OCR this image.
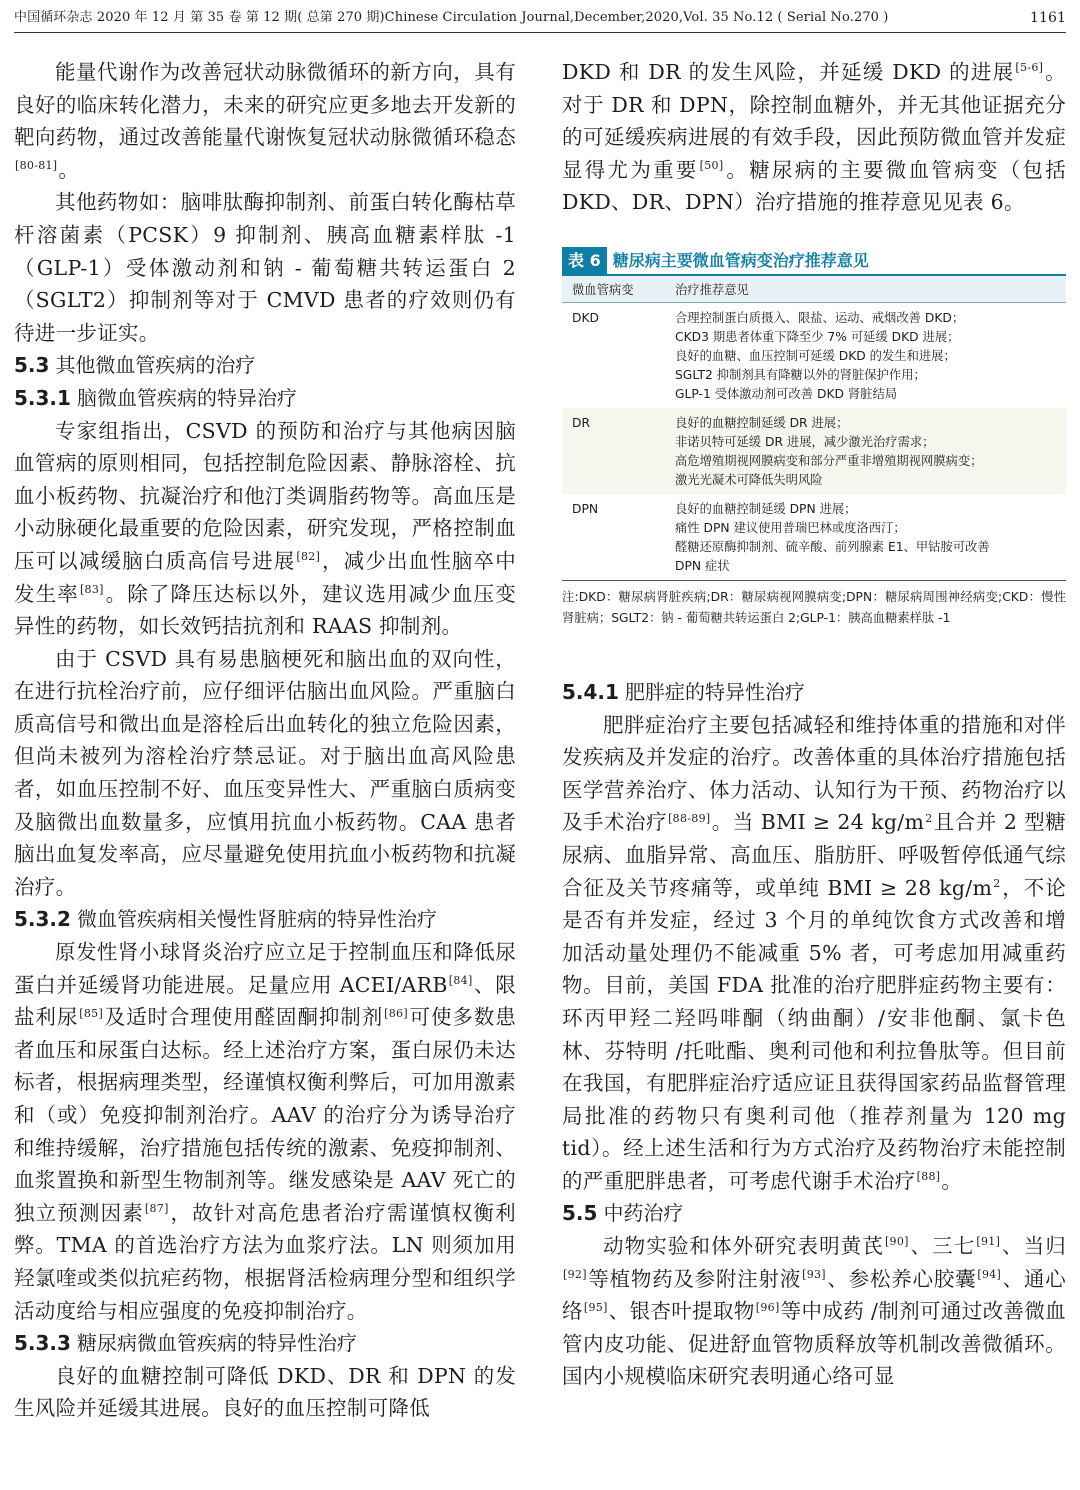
中国循环杂志 2020 年 12 月 第 35 卷 第 12 期( 总第 270 期)Chinese Circulation Journal,December,2020,Vol. 35 No.12 ( Serial No.270 )	1161

能量代谢作为改善冠状动脉微循环的新方向，具有良好的临床转化潜力，未来的研究应更多地去开发新的靶向药物，通过改善能量代谢恢复冠状动脉微循环稳态[80-81]。

其他药物如：脑啡肽酶抑制剂、前蛋白转化酶枯草杆溶菌素（PCSK）9 抑制剂、胰高血糖素样肽 -1（GLP-1）受体激动剂和钠 - 葡萄糖共转运蛋白 2（SGLT2）抑制剂等对于 CMVD 患者的疗效则仍有待进一步证实。

5.3 其他微血管疾病的治疗
5.3.1 脑微血管疾病的特异治疗

专家组指出，CSVD 的预防和治疗与其他病因脑血管病的原则相同，包括控制危险因素、静脉溶栓、抗血小板药物、抗凝治疗和他汀类调脂药物等。高血压是小动脉硬化最重要的危险因素，研究发现，严格控制血压可以减缓脑白质高信号进展[82]，减少出血性脑卒中发生率[83]。除了降压达标以外，建议选用减少血压变异性的药物，如长效钙拮抗剂和 RAAS 抑制剂。

由于 CSVD 具有易患脑梗死和脑出血的双向性，在进行抗栓治疗前，应仔细评估脑出血风险。严重脑白质高信号和微出血是溶栓后出血转化的独立危险因素，但尚未被列为溶栓治疗禁忌证。对于脑出血高风险患者，如血压控制不好、血压变异性大、严重脑白质病变及脑微出血数量多，应慎用抗血小板药物。CAA 患者脑出血复发率高，应尽量避免使用抗血小板药物和抗凝治疗。

5.3.2 微血管疾病相关慢性肾脏病的特异性治疗

原发性肾小球肾炎治疗应立足于控制血压和降低尿蛋白并延缓肾功能进展。足量应用 ACEI/ARB[84]、限盐利尿[85]及适时合理使用醛固酮抑制剂[86]可使多数患者血压和尿蛋白达标。经上述治疗方案，蛋白尿仍未达标者，根据病理类型，经谨慎权衡利弊后，可加用激素和（或）免疫抑制剂治疗。AAV 的治疗分为诱导治疗和维持缓解，治疗措施包括传统的激素、免疫抑制剂、血浆置换和新型生物制剂等。继发感染是 AAV 死亡的独立预测因素[87]，故针对高危患者治疗需谨慎权衡利弊。TMA 的首选治疗方法为血浆疗法。LN 则须加用羟氯喹或类似抗疟药物，根据肾活检病理分型和组织学活动度给与相应强度的免疫抑制治疗。

5.3.3 糖尿病微血管疾病的特异性治疗

良好的血糖控制可降低 DKD、DR 和 DPN 的发生风险并延缓其进展。良好的血压控制可降低

DKD 和 DR 的发生风险，并延缓 DKD 的进展[5-6]。对于 DR 和 DPN，除控制血糖外，并无其他证据充分的可延缓疾病进展的有效手段，因此预防微血管并发症显得尤为重要[50]。糖尿病的主要微血管病变（包括 DKD、DR、DPN）治疗措施的推荐意见见表 6。

表 6 糖尿病主要微血管病变治疗推荐意见
微血管病变	治疗推荐意见
DKD	合理控制蛋白质摄入、限盐、运动、戒烟改善 DKD；
CKD3 期患者体重下降至少 7% 可延缓 DKD 进展；
良好的血糖、血压控制可延缓 DKD 的发生和进展；
SGLT2 抑制剂具有降糖以外的肾脏保护作用；
GLP-1 受体激动剂可改善 DKD 肾脏结局

DR	良好的血糖控制延缓 DR 进展；
非诺贝特可延缓 DR 进展，减少激光治疗需求；
高危增殖期视网膜病变和部分严重非增殖期视网膜病变；
激光光凝术可降低失明风险

DPN	良好的血糖控制延缓 DPN 进展；
痛性 DPN 建议使用普瑞巴林或度洛西汀；
醛糖还原酶抑制剂、硫辛酸、前列腺素 E1、甲钴胺可改善
DPN 症状
注:DKD：糖尿病肾脏疾病;DR：糖尿病视网膜病变;DPN：糖尿病周围神经病变;CKD：慢性肾脏病；SGLT2：钠 - 葡萄糖共转运蛋白 2;GLP-1：胰高血糖素样肽 -1
5.4.1 肥胖症的特异性治疗

肥胖症治疗主要包括减轻和维持体重的措施和对伴发疾病及并发症的治疗。改善体重的具体治疗措施包括医学营养治疗、体力活动、认知行为干预、药物治疗以及手术治疗[88-89]。当 BMI ≥ 24 $kg/m^2$且合并 2 型糖尿病、血脂异常、高血压、脂肪肝、呼吸暂停低通气综合征及关节疼痛等，或单纯 BMI ≥ 28 $kg/m^2$，不论是否有并发症，经过 3 个月的单纯饮食方式改善和增加活动量处理仍不能减重 5% 者，可考虑加用减重药物。目前，美国 FDA 批准的治疗肥胖症药物主要有：环丙甲羟二羟吗啡酮（纳曲酮）/安非他酮、氯卡色林、芬特明 /托吡酯、奥利司他和利拉鲁肽等。但目前在我国，有肥胖症治疗适应证且获得国家药品监督管理局批准的药物只有奥利司他（推荐剂量为 120 mg tid）。经上述生活和行为方式治疗及药物治疗未能控制的严重肥胖患者，可考虑代谢手术治疗[88]。

5.5 中药治疗

动物实验和体外研究表明黄芪[90]、三七[91]、当归[92]等植物药及参附注射液[93]、参松养心胶囊[94]、通心络[95]、银杏叶提取物[96]等中成药 /制剂可通过改善微血管内皮功能、促进舒血管物质释放等机制改善微循环。国内小规模临床研究表明通心络可显
